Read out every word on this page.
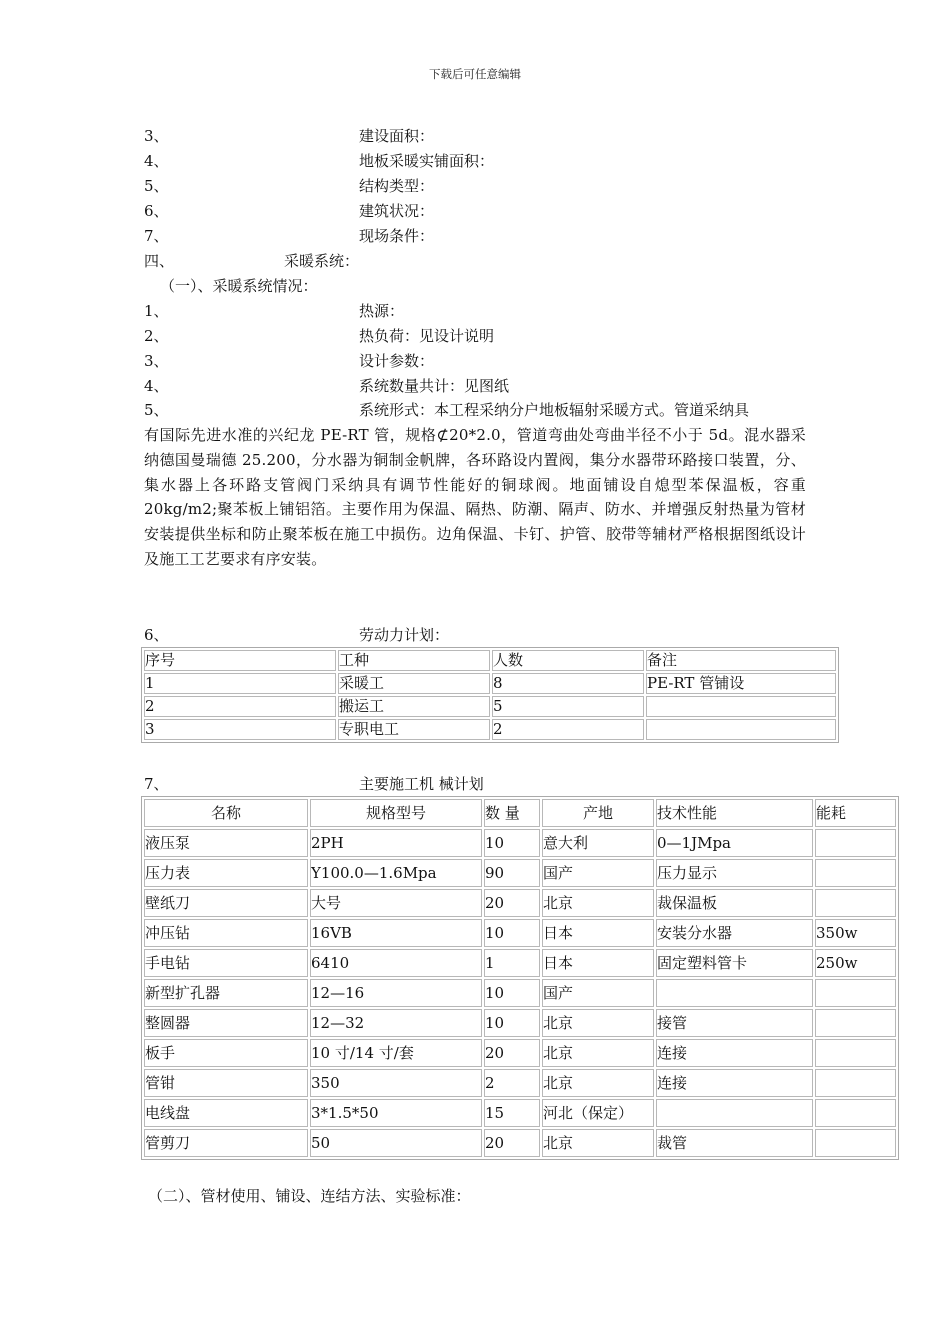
下载后可任意编辑
3、	建设面积：
4、	地板采暖实铺面积：
5、	结构类型：
6、	建筑状况：
7、	现场条件：
四、	采暖系统：
（一）、采暖系统情况：
1、	热源：
2、	热负荷：见设计说明
3、	设计参数：
4、	系统数量共计：见图纸
5、	系统形式：本工程采纳分户地板辐射采暖方式。管道采纳具
有国际先进水准的兴纪龙 PE-RT 管，规格⊄20*2.0，管道弯曲处弯曲半径不小于 5d。混水器采纳德国曼瑞德 25.200，分水器为铜制金帆牌，各环路设内置阀，集分水器带环路接口装置，分、集水器上各环路支管阀门采纳具有调节性能好的铜球阀。地面铺设自熄型苯保温板，容重 20kg/m2;聚苯板上铺铝箔。主要作用为保温、隔热、防潮、隔声、防水、并增强反射热量为管材安装提供坐标和防止聚苯板在施工中损伤。边角保温、卡钉、护管、胶带等辅材严格根据图纸设计及施工工艺要求有序安装。
6、	劳动力计划：
序号	工种	人数	备注
1	采暖工	8	PE-RT 管铺设
2	搬运工	5	
3	专职电工	2	
7、	主要施工机 械计划
名称	规格型号	数 量	产地	技术性能	能耗
液压泵	2PH	10	意大利	0—1JMpa	
压力表	Y100.0—1.6Mpa	90	国产	压力显示	
壁纸刀	大号	20	北京	裁保温板	
冲压钻	16VB	10	日本	安装分水器	350w
手电钻	6410	1	日本	固定塑料管卡	250w
新型扩孔器	12—16	10	国产		
整圆器	12—32	10	北京	接管	
板手	10 寸/14 寸/套	20	北京	连接	
管钳	350	2	北京	连接	
电线盘	3*1.5*50	15	河北（保定）		
管剪刀	50	20	北京	裁管	
（二）、管材使用、铺设、连结方法、实验标准：
